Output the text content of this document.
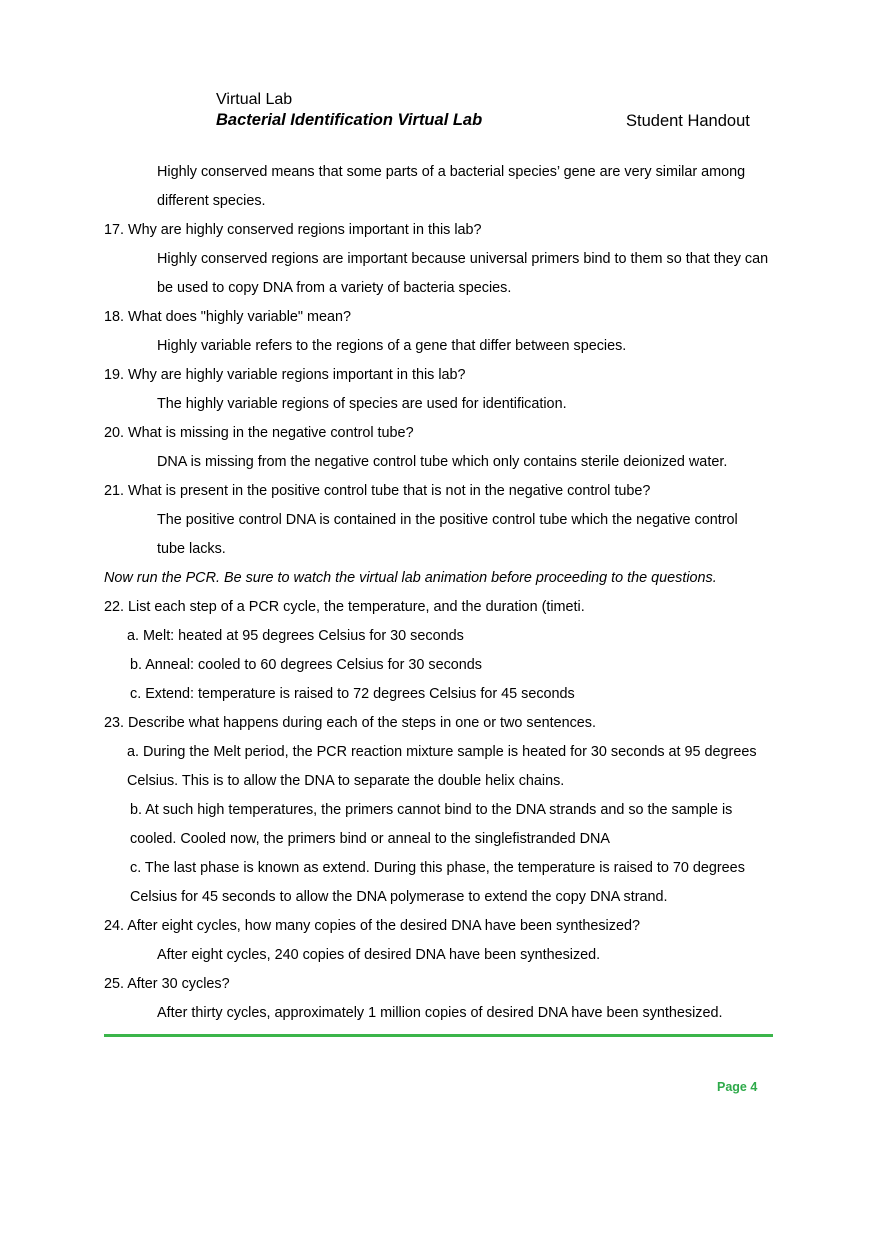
Virtual Lab
Bacterial Identification Virtual Lab	Student Handout
Highly conserved means that some parts of a bacterial species’ gene are very similar among
different species.
17. Why are highly conserved regions important in this lab?
Highly conserved regions are important because universal primers bind to them so that they can
be used to copy DNA from a variety of bacteria species.
18. What does "highly variable" mean?
Highly variable refers to the regions of a gene that differ between species.
19. Why are highly variable regions important in this lab?
The highly variable regions of species are used for identification.
20. What is missing in the negative control tube?
DNA is missing from the negative control tube which only contains sterile deionized water.
21. What is present in the positive control tube that is not in the negative control tube?
The positive control DNA is contained in the positive control tube which the negative control
tube lacks.
Now run the PCR. Be sure to watch the virtual lab animation before proceeding to the questions.
22. List each step of a PCR cycle, the temperature, and the duration (timeti.
a. Melt: heated at 95 degrees Celsius for 30 seconds
b. Anneal: cooled to 60 degrees Celsius for 30 seconds
c. Extend: temperature is raised to 72 degrees Celsius for 45 seconds
23. Describe what happens during each of the steps in one or two sentences.
a. During the Melt period, the PCR reaction mixture sample is heated for 30 seconds at 95 degrees
Celsius. This is to allow the DNA to separate the double helix chains.
b. At such high temperatures, the primers cannot bind to the DNA strands and so the sample is
cooled. Cooled now, the primers bind or anneal to the singlefistranded DNA
c. The last phase is known as extend. During this phase, the temperature is raised to 70 degrees
Celsius for 45 seconds to allow the DNA polymerase to extend the copy DNA strand.
24. After eight cycles, how many copies of the desired DNA have been synthesized?
After eight cycles, 240 copies of desired DNA have been synthesized.
25. After 30 cycles?
After thirty cycles, approximately 1 million copies of desired DNA have been synthesized.
Page 4
